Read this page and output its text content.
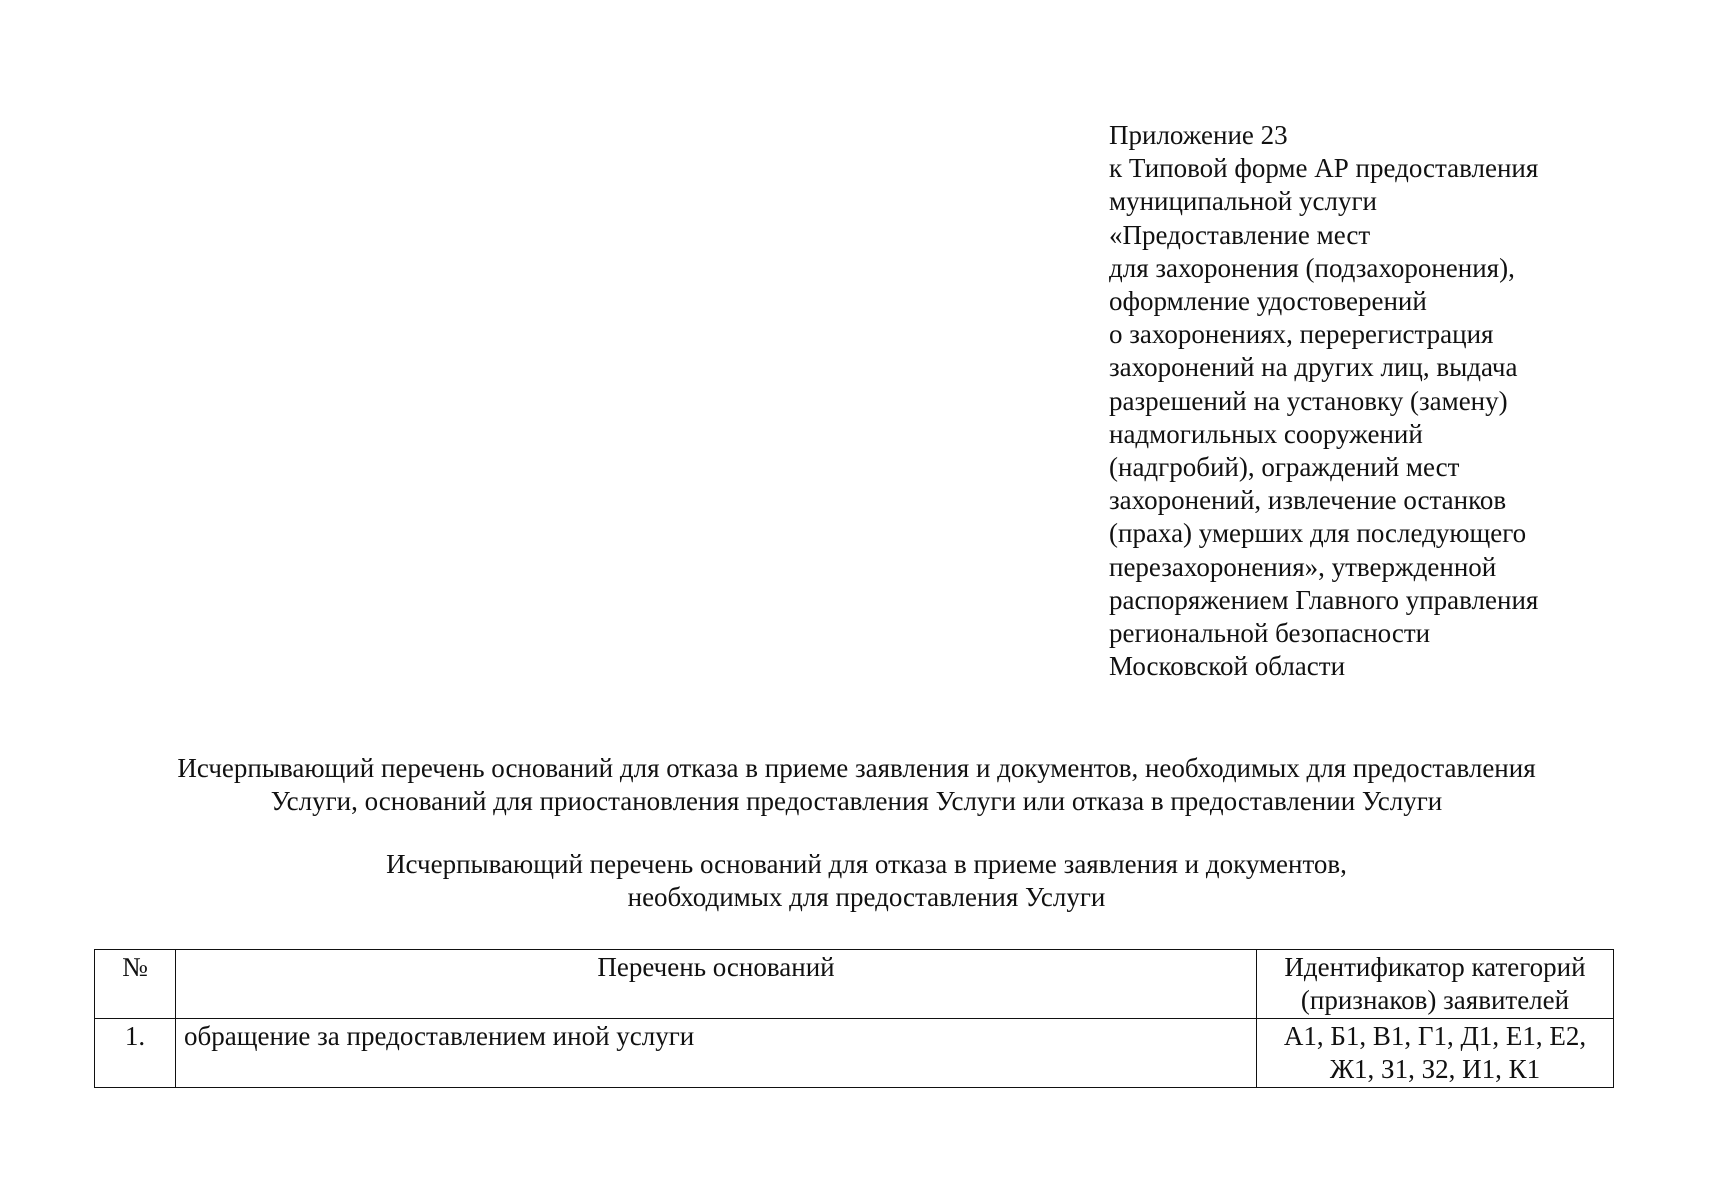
Приложение 23
к Типовой форме АР предоставления
муниципальной услуги
«Предоставление мест
для захоронения (подзахоронения),
оформление удостоверений
о захоронениях, перерегистрация
захоронений на других лиц, выдача
разрешений на установку (замену)
надмогильных сооружений
(надгробий), ограждений мест
захоронений, извлечение останков
(праха) умерших для последующего
перезахоронения», утвержденной
распоряжением Главного управления
региональной безопасности
Московской области
Исчерпывающий перечень оснований для отказа в приеме заявления и документов, необходимых для предоставления
Услуги, оснований для приостановления предоставления Услуги или отказа в предоставлении Услуги
Исчерпывающий перечень оснований для отказа в приеме заявления и документов,
необходимых для предоставления Услуги
№	Перечень оснований	Идентификатор категорий
(признаков) заявителей
1.	обращение за предоставлением иной услуги	А1, Б1, В1, Г1, Д1, Е1, Е2,
Ж1, З1, З2, И1, К1
